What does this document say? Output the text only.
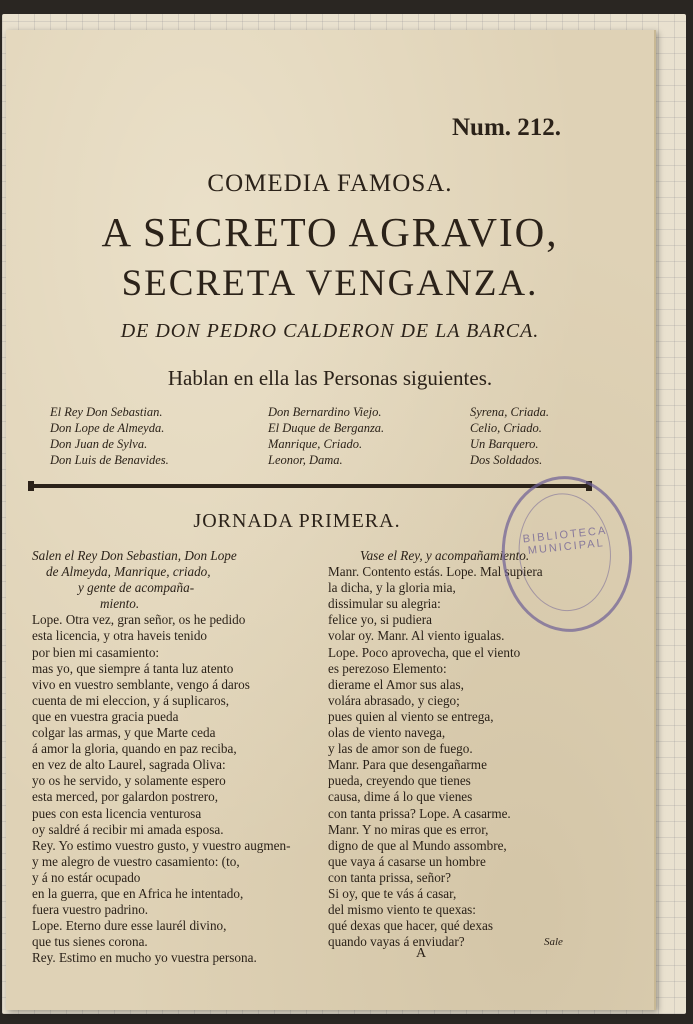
Num. 212.
COMEDIA FAMOSA.
A SECRETO AGRAVIO,
SECRETA VENGANZA.
DE DON PEDRO CALDERON DE LA BARCA.
Hablan en ella las Personas siguientes.
El Rey Don Sebastian.
Don Lope de Almeyda.
Don Juan de Sylva.
Don Luis de Benavides.
Don Bernardino Viejo.
El Duque de Berganza.
Manrique, Criado.
Leonor, Dama.
Syrena, Criada.
Celio, Criado.
Un Barquero.
Dos Soldados.
JORNADA PRIMERA.
Salen el Rey Don Sebastian, Don Lope
de Almeyda, Manrique, criado,
y gente de acompaña-
miento.
Lope. Otra vez, gran señor, os he pedido
esta licencia, y otra haveis tenido
por bien mi casamiento:
mas yo, que siempre á tanta luz atento
vivo en vuestro semblante, vengo á daros
cuenta de mi eleccion, y á suplicaros,
que en vuestra gracia pueda
colgar las armas, y que Marte ceda
á amor la gloria, quando en paz reciba,
en vez de alto Laurel, sagrada Oliva:
yo os he servido, y solamente espero
esta merced, por galardon postrero,
pues con esta licencia venturosa
oy saldré á recibir mi amada esposa.
Rey. Yo estimo vuestro gusto, y vuestro augmen-
y me alegro de vuestro casamiento: (to,
y á no estár ocupado
en la guerra, que en Africa he intentado,
fuera vuestro padrino.
Lope. Eterno dure esse laurél divino,
que tus sienes corona.
Rey. Estimo en mucho yo vuestra persona.
Vase el Rey, y acompañamiento.
Manr. Contento estás. Lope. Mal supiera
la dicha, y la gloria mia,
dissimular su alegria:
felice yo, si pudiera
volar oy. Manr. Al viento igualas.
Lope. Poco aprovecha, que el viento
es perezoso Elemento:
dierame el Amor sus alas,
volára abrasado, y ciego;
pues quien al viento se entrega,
olas de viento navega,
y las de amor son de fuego.
Manr. Para que desengañarme
pueda, creyendo que tienes
causa, dime á lo que vienes
con tanta prissa? Lope. A casarme.
Manr. Y no miras que es error,
digno de que al Mundo assombre,
que vaya á casarse un hombre
con tanta prissa, señor?
Si oy, que te vás á casar,
del mismo viento te quexas:
qué dexas que hacer, qué dexas
quando vayas á enviudar?
BIBLIOTECA MUNICIPAL
A
Sale
